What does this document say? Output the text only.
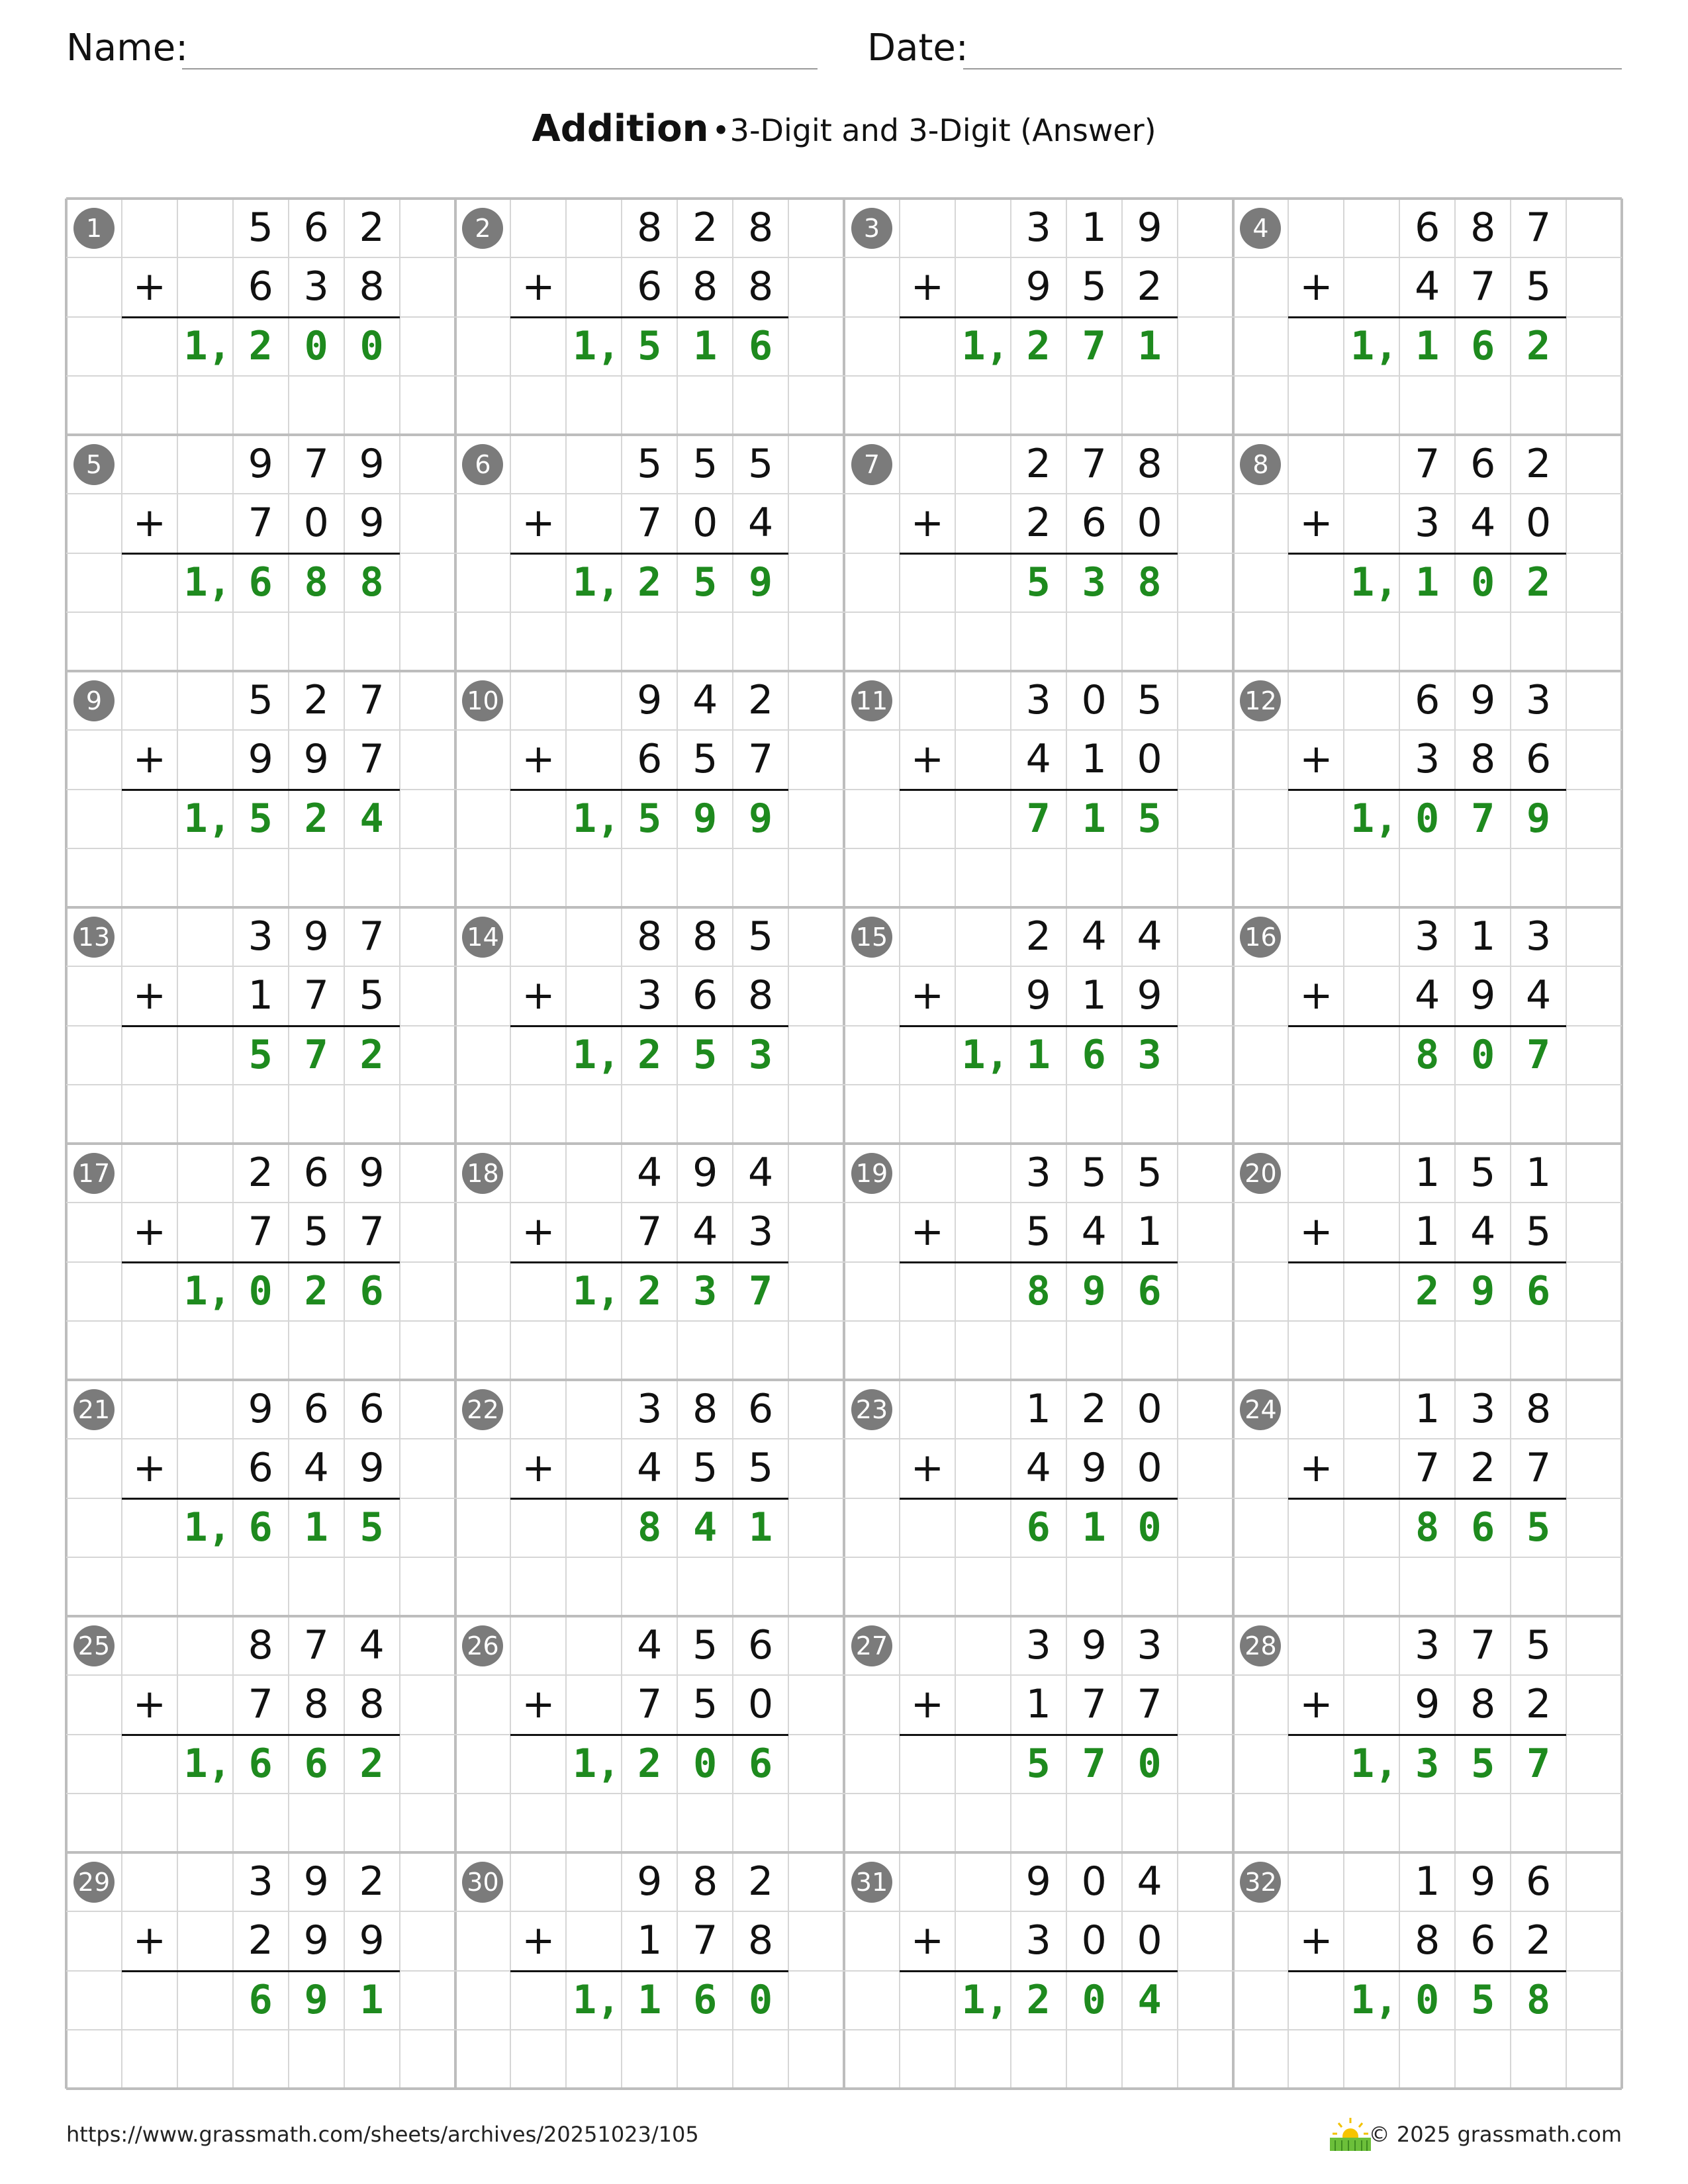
Name:	Date:
Addition •3-Digit and 3-Digit (Answer)
1	5 6 2
6 3 8
+
1, 2 0 0
2	8 2 8
6 8 8
+
1, 5 1 6
3	3 1 9
9 5 2
+
1, 2 7 1
4	6 8 7
4 7 5
+
1, 1 6 2
5	9 7 9
7 0 9
+
1, 6 8 8
6	5 5 5
7 0 4
+
1, 2 5 9
7	2 7 8
2 6 0
+
5 3 8
8	7 6 2
3 4 0
+
1, 1 0 2
9	5 2 7
9 9 7
+
1, 5 2 4
10	9 4 2
6 5 7
+
1, 5 9 9
11	3 0 5
4 1 0
+
7 1 5
12	6 9 3
3 8 6
+
1, 0 7 9
13	3 9 7
1 7 5
+
5 7 2
14	8 8 5
3 6 8
+
1, 2 5 3
15	2 4 4
9 1 9
+
1, 1 6 3
16	3 1 3
4 9 4
+
8 0 7
17	2 6 9
7 5 7
+
1, 0 2 6
18	4 9 4
7 4 3
+
1, 2 3 7
19	3 5 5
5 4 1
+
8 9 6
20	1 5 1
1 4 5
+
2 9 6
21	9 6 6
6 4 9
+
1, 6 1 5
22	3 8 6
4 5 5
+
8 4 1
23	1 2 0
4 9 0
+
6 1 0
24	1 3 8
7 2 7
+
8 6 5
25	8 7 4
7 8 8
+
1, 6 6 2
26	4 5 6
7 5 0
+
1, 2 0 6
27	3 9 3
1 7 7
+
5 7 0
28	3 7 5
9 8 2
+
1, 3 5 7
29	3 9 2
2 9 9
+
6 9 1
30	9 8 2
1 7 8
+
1, 1 6 0
31	9 0 4
3 0 0
+
1, 2 0 4
32	1 9 6
8 6 2
+
1, 0 5 8
https://www.grassmath.com/sheets/archives/20251023/105	© 2025 grassmath.com
